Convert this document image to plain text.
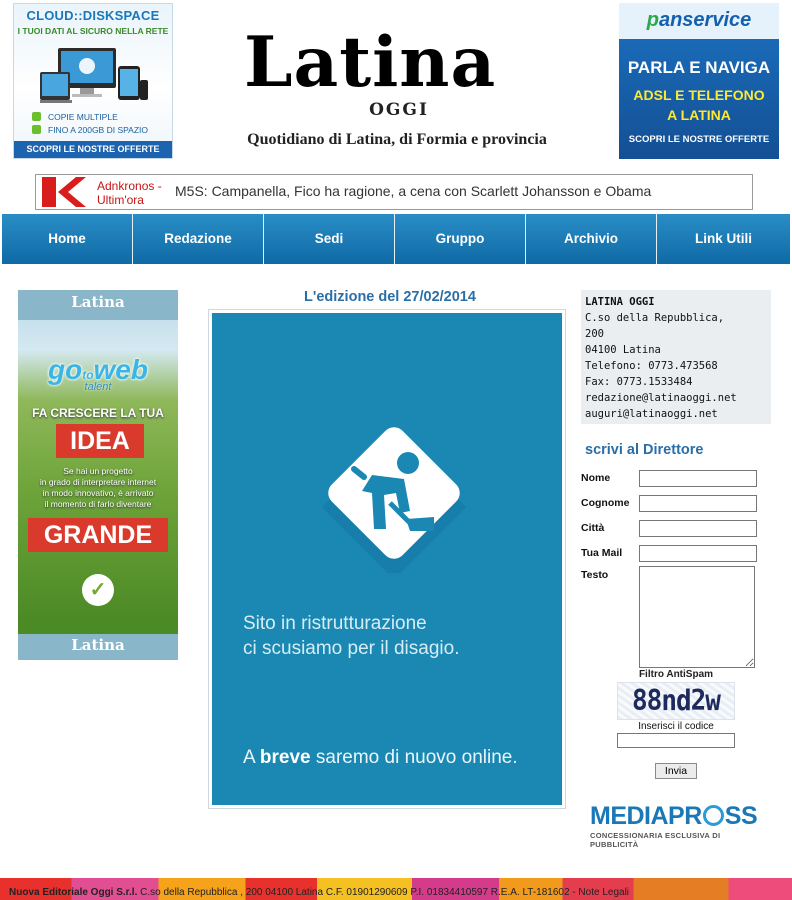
CLOUD::DISKSPACE
I TUOI DATI AL SICURO NELLA RETE
COPIE MULTIPLE
FINO A 200GB DI SPAZIO
SCOPRI LE NOSTRE OFFERTE
Latina
OGGI
Quotidiano di Latina, di Formia e provincia
panservice
PARLA E NAVIGA
ADSL E TELEFONO
A LATINA
SCOPRI LE NOSTRE OFFERTE
Adnkronos -
Ultim'ora
M5S: Campanella, Fico ha ragione, a cena con Scarlett Johansson e Obama
Home	Redazione	Sedi	Gruppo	Archivio	Link Utili
Latina
gotoweb
talent
FA CRESCERE LA TUA
IDEA
Se hai un progetto
in grado di interpretare internet
in modo innovativo, è arrivato
il momento di farlo diventare
GRANDE
✓
Latina
L'edizione del 27/02/2014
Sito in ristrutturazione
ci scusiamo per il disagio.
A breve saremo di nuovo online.
LATINA OGGI
C.so della Repubblica,
200
04100 Latina
Telefono: 0773.473568
Fax: 0773.1533484
redazione@latinaoggi.net
auguri@latinaoggi.net
scrivi al Direttore
Nome
Cognome
Città
Tua Mail
Testo
Filtro AntiSpam
88nd2w
Inserisci il codice
Invia
MEDIAPR SS
CONCESSIONARIA ESCLUSIVA DI PUBBLICITÀ
Nuova Editoriale Oggi S.r.l. C.so della Repubblica , 200 04100 Latina C.F. 01901290609 P.I. 01834410597 R.E.A. LT-181602 - Note Legali
